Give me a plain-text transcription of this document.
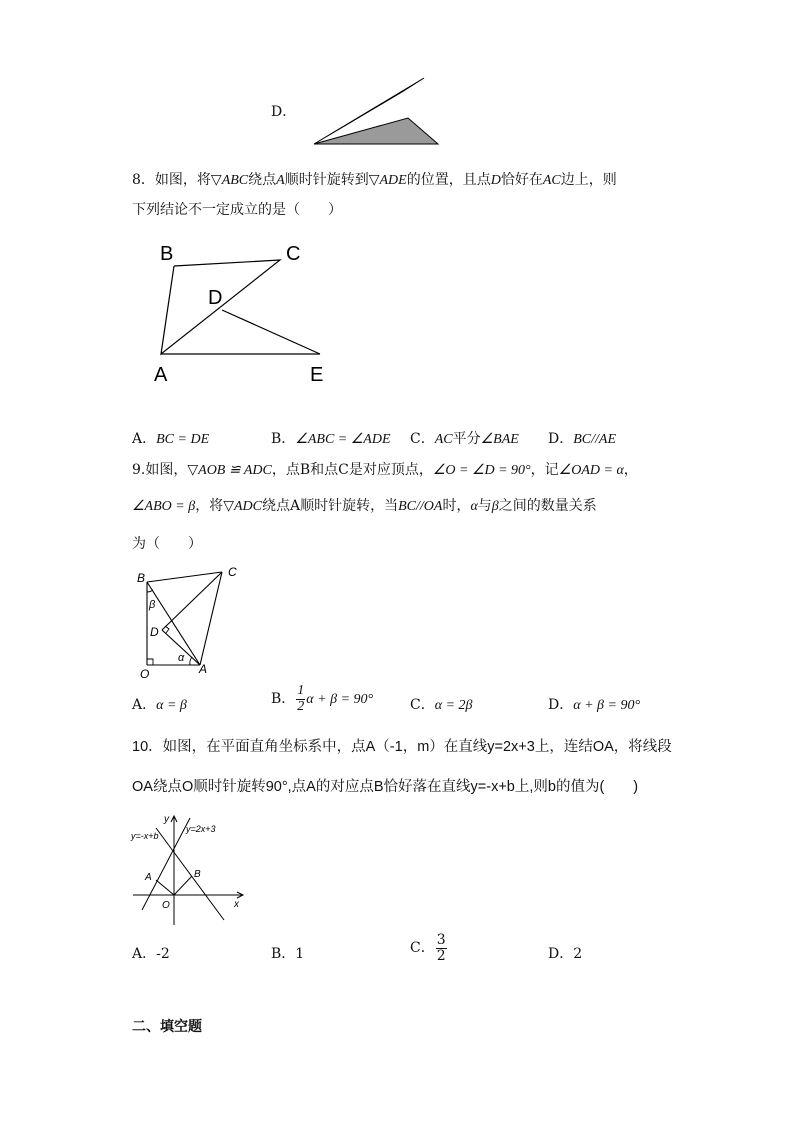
D．
8．如图，将▽ABC绕点A顺时针旋转到▽ADE的位置，且点D恰好在AC边上，则
下列结论不一定成立的是（　　）
B	C
D
A	E
A．BC = DE	B．∠ABC = ∠ADE C．AC平分∠BAE D．BC//AE
9.如图，▽AOB ≌ ADC，点B和点C是对应顶点，∠O = ∠D = 90°，记∠OAD = α，
∠ABO = β，将▽ADC绕点A顺时针旋转，当BC//OA时，α与β之间的数量关系
为（　　）
B	C
D
O	A
α
β
A．α = β	B． $\frac{1}{2}$ α + β = 90°	C．α = 2β	D．α + β = 90°
10．如图，在平面直角坐标系中，点A（-1，m）在直线y=2x+3上，连结OA，将线段
OA绕点O顺时针旋转90°,点A的对应点B恰好落在直线y=-x+b上,则b的值为(　　)
y
x
O
A	B
y=-x+b
y=2x+3
A．-2	B．1	C． $\frac{3}{2}$	D．2
二、填空题
